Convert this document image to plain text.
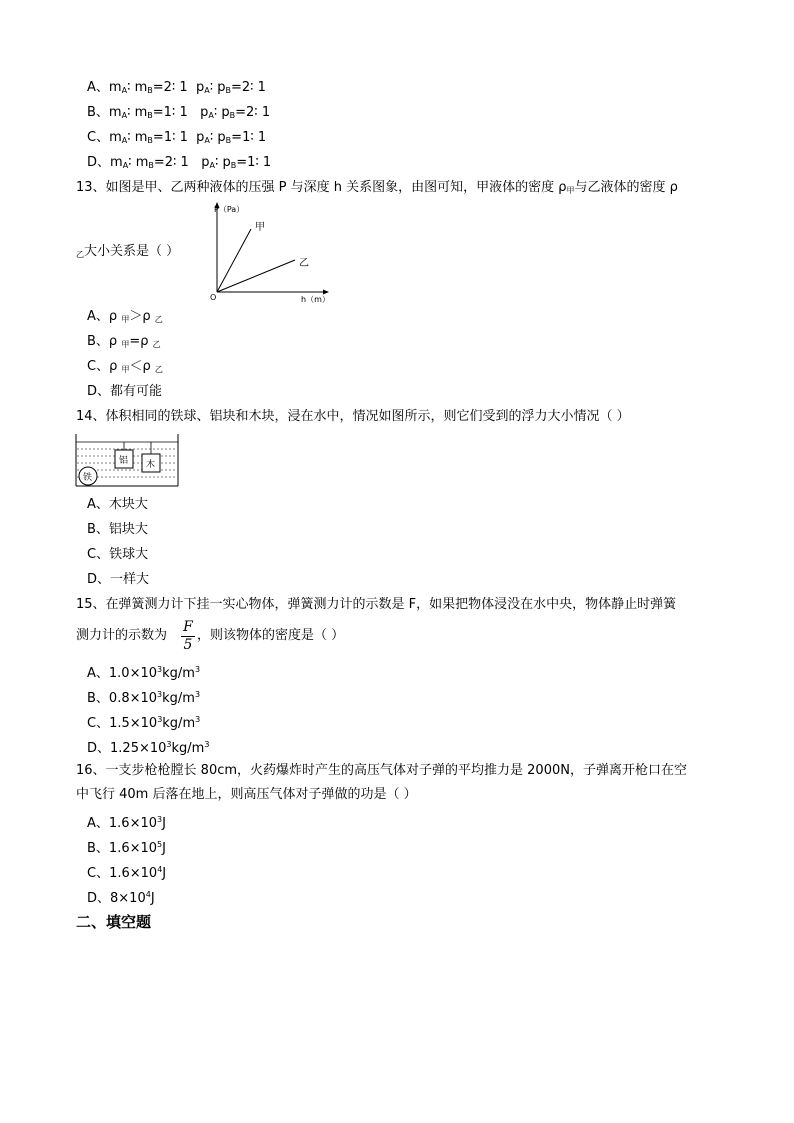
A、$m_A∶$ $m_B=2∶$ 1  $p_A∶$ $p_B=2∶$ 1
B、$m_A∶$ $m_B=1∶$ 1   $p_A∶$ $p_B=2∶$ 1
C、$m_A∶$ $m_B=1∶$ 1  $p_A∶$ $p_B=1∶$ 1
D、$m_A∶$ $m_B=2∶$ 1   $p_A∶$ $p_B=1∶$ 1
13、如图是甲、乙两种液体的压强 P 与深度 h 关系图象，由图可知，甲液体的密度 $\rho_甲$与乙液体的密度 ρ
$_乙$大小关系是（ ）
P（Pa）
h（m）
O
甲
乙
A、ρ $_甲$＞ρ $_乙$
B、ρ $_甲$=ρ $_乙$
C、ρ $_甲$＜ρ $_乙$
D、都有可能
14、体积相同的铁球、铝块和木块，浸在水中，情况如图所示，则它们受到的浮力大小情况（ ）
铝 木
铁
A、木块大
B、铝块大
C、铁球大
D、一样大
15、在弹簧测力计下挂一实心物体，弹簧测力计的示数是 F，如果把物体浸没在水中央，物体静止时弹簧
测力计的示数为
F
5
，则该物体的密度是（ ）
A、$1.0\times 10^3kg/m^3$
B、$0.8\times 10^3kg/m^3$
C、$1.5\times 10^3kg/m^3$
D、$1.25\times 10^3kg/m^3$
16、一支步枪枪膛长 80cm，火药爆炸时产生的高压气体对子弹的平均推力是 2000N，子弹离开枪口在空
中飞行 40m 后落在地上，则高压气体对子弹做的功是（ ）
A、$1.6\times 10^3J$
B、$1.6\times 10^5J$
C、$1.6\times 10^4J$
D、$8\times 10^4J$
二、填空题
